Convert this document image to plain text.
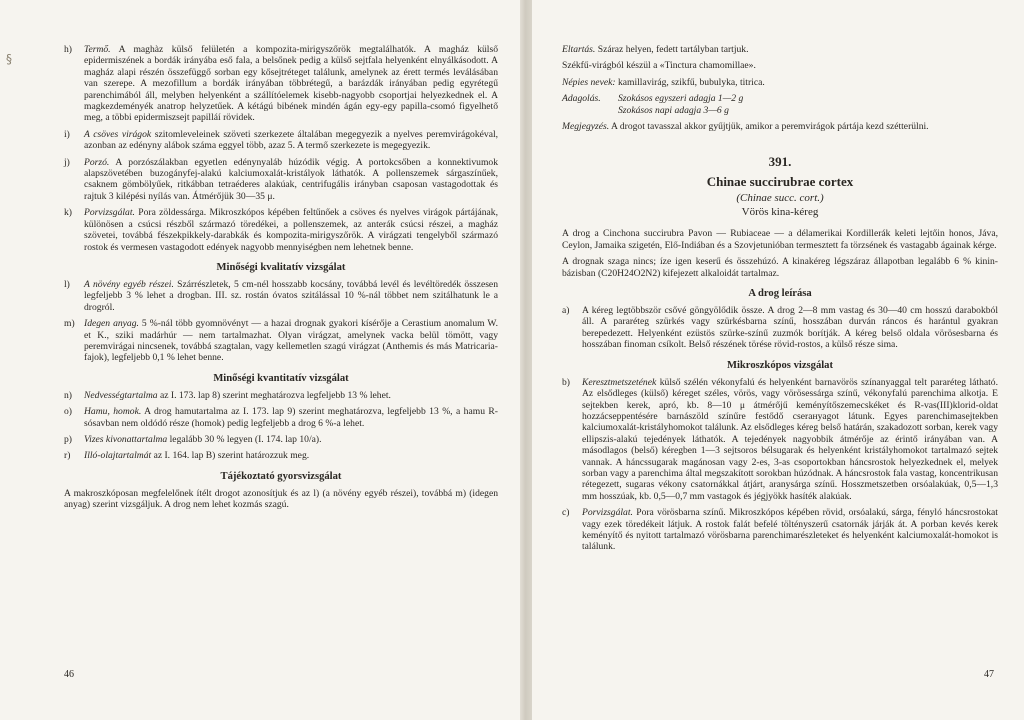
§
h)	Termő. A maghàz külső felületén a kompozita-mirigyszőrök megtalálhatók. A magház külső epidermiszének a bordák irányába eső fala, a belsőnek pedig a külső sejtfala helyenként elnyálkásodott. A magház alapi részén összefüggő sorban egy kősejtréteget találunk, amelynek az érett termés leválásában van szerepe. A mezofillum a bordák irányában többrétegű, a barázdák irányában pedig egyrétegű parenchimából áll, melyben helyenként a szállítóelemek kisebb-nagyobb csoportjai helyezkednek el. A magkezdeményék anatrop helyzetűek. A kétágú bibének mindén ágán egy-egy papilla-csomó figyelhető meg, a többi epidermiszsejt papilláí rövidek.
i)	A csöves virágok szitomleveleinek szöveti szerkezete általában megegyezik a nyelves peremvirágokéval, azonban az edényny alábok száma eggyel több, azaz 5. A termő szerkezete is megegyezik.
j)	Porzó. A porzószálakban egyetlen edénynyaláb húzódik végig. A portokcsőben a konnektivumok alapszövetében buzogányfej-alakú kalciumoxalát-kristályok láthatók. A pollenszemek sárgaszínűek, csaknem gömbölyűek, ritkábban tetraéderes alakúak, centrifugális irányban csaposan vastagodottak és rajtuk 3 kilépési nyílás van. Átmérőjük 30—35 μ.
k)	Porvizsgálat. Pora zöldessárga. Mikroszkópos képében feltűnőek a csöves és nyelves virágok pártájának, különösen a csúcsi részből származó töredékei, a pollenszemek, az anterák csúcsi részei, a magház szövetei, továbbá fészekpikkely-darabkák és kompozita-mirigyszőrök. A virágzati tengelyből származó rostok és vermesen vastagodott edények nagyobb mennyiségben nem lehetnek benne.
Minőségi kvalitatív vizsgálat
l)	A növény egyéb részei. Szárrészletek, 5 cm-nél hosszabb kocsány, továbbá levél és levéltöredék összesen legfeljebb 3 % lehet a drogban. III. sz. rostán óvatos szitálással 10 %-nál többet nem szitálhatunk le a drogról.
m) Idegen anyag. 5 %-nál több gyomnövényt — a hazai drognak gyakori kísérője a Cerastium anomalum W. et K., sziki madárhúr — nem tartalmazhat. Olyan virágzat, amelynek vacka belül tömött, vagy peremvirágai nincsenek, továbbá szagtalan, vagy kellemetlen szagú virágzat (Anthemis és más Matricaria-fajok), legfeljebb 0,1 % lehet benne.
Minőségi kvantitatív vizsgálat
n)	Nedvességtartalma az I. 173. lap 8) szerint meghatározva legfeljebb 13 % lehet.
o)	Hamu, homok. A drog hamutartalma az I. 173. lap 9) szerint meghatározva, legfeljebb 13 %, a hamu R-sósavban nem oldódó része (homok) pedig legfeljebb a drog 6 %-a lehet.
p)	Vizes kivonattartalma legalább 30 % legyen (I. 174. lap 10/a).
r)	Illó-olajtartalmát az I. 164. lap B) szerint határozzuk meg.
Tájékoztató gyorsvizsgálat

A makroszkóposan megfelelőnek ítélt drogot azonosítjuk és az l) (a növény egyéb részei), továbbá m) (idegen anyag) szerint vizsgáljuk. A drog nem lehet kozmás szagú.

46

Eltartás. Száraz helyen, fedett tartályban tartjuk.

Székfű-virágból készül a «Tinctura chamomillae».

Népies nevek: kamillavirág, szikfű, bubulyka, titrica.

Adagolás.	Szokásos egyszeri adagja 1—2 g
Szokásos napi adagja 3—6 g

Megjegyzés. A drogot tavasszal akkor gyűjtjük, amikor a peremvirágok pártája kezd szétterülni.

391.
Chinae succirubrae cortex
(Chinae succ. cort.)
Vörös kina-kéreg

A drog a Cinchona succirubra Pavon — Rubiaceae — a délamerikai Kordillerák keleti lejtőin honos, Jáva, Ceylon, Jamaika szigetén, Elő-Indiában és a Szovjetunióban termesztett fa törzsének és vastagabb ágainak kérge.

A drognak szaga nincs; íze igen keserű és összehúzó. A kinakéreg légszáraz állapotban legalább 6 % kinin-bázisban (C20H24O2N2) kifejezett alkaloidát tartalmaz.

A drog leírása
a)	A kéreg legtöbbször csővé göngyölődik össze. A drog 2—8 mm vastag és 30—40 cm hosszú darabokból áll. A pararéteg szürkés vagy szürkésbarna színű, hosszában durván ráncos és harántul gyakran berepedezett. Helyenként ezüstös szürke-színű zuzmók borítják. A kéreg belső oldala vörösesbarna és hosszában finoman csíkolt. Belső részének törése rövid-rostos, a külső része sima.
Mikroszkópos vizsgálat
b)	Keresztmetszetének külső szélén vékonyfalú és helyenként barnavörös színanyaggal telt pararéteg látható. Az elsődleges (külső) kéreget széles, vörös, vagy vörösessárga színű, vékonyfalú parenchima alkotja. E sejtekben kerek, apró, kb. 8—10 μ átmérőjű keményítőszemecskéket és R-vas(III)klorid-oldat hozzácseppentésére barnászöld színűre festődő cserанyagot látunk. Egyes parenchimasejtekben kalciumoxalát-kristályhomokot találunk. Az elsődleges kéreg belső határán, szakadozott sorban, kerek vagy ellipszis-alakú tejedények láthatók. A tejedények nagyobbik átmérője az érintő irányában van. A másodlagos (belső) kéregben 1—3 sejtsoros bélsugarak és helyenként kristályhomokot tartalmazó sejtek vannak. A háncssugarak magánosan vagy 2-es, 3-as csoportokban háncsrostok helyezkednek el, melyek sorban vagy a parenchima által megszakított sorokban húzódnak. A háncsrostok fala vastag, koncentrikusan rétegezett, sugaras vékony csatornákkal átjárt, aranysárga színű. Hosszmetszetben orsóalakúak, 0,5—1,3 mm hosszúak, kb. 0,5—0,7 mm vastagok és jégjyökk hasíték alakúak.
c)	Porvizsgálat. Pora vörösbarna színű. Mikroszkópos képében rövid, orsóalakú, sárga, fényló háncsrostokat vagy ezek töredékeit látjuk. A rostok falát befelé töltényszerű csatornák járják át. A porban kevés kerek keményítő és nyitott tartalmazó vörösbarna parenchimarészleteket és helyenként kalciumoxalát-homokot is találunk.
47
